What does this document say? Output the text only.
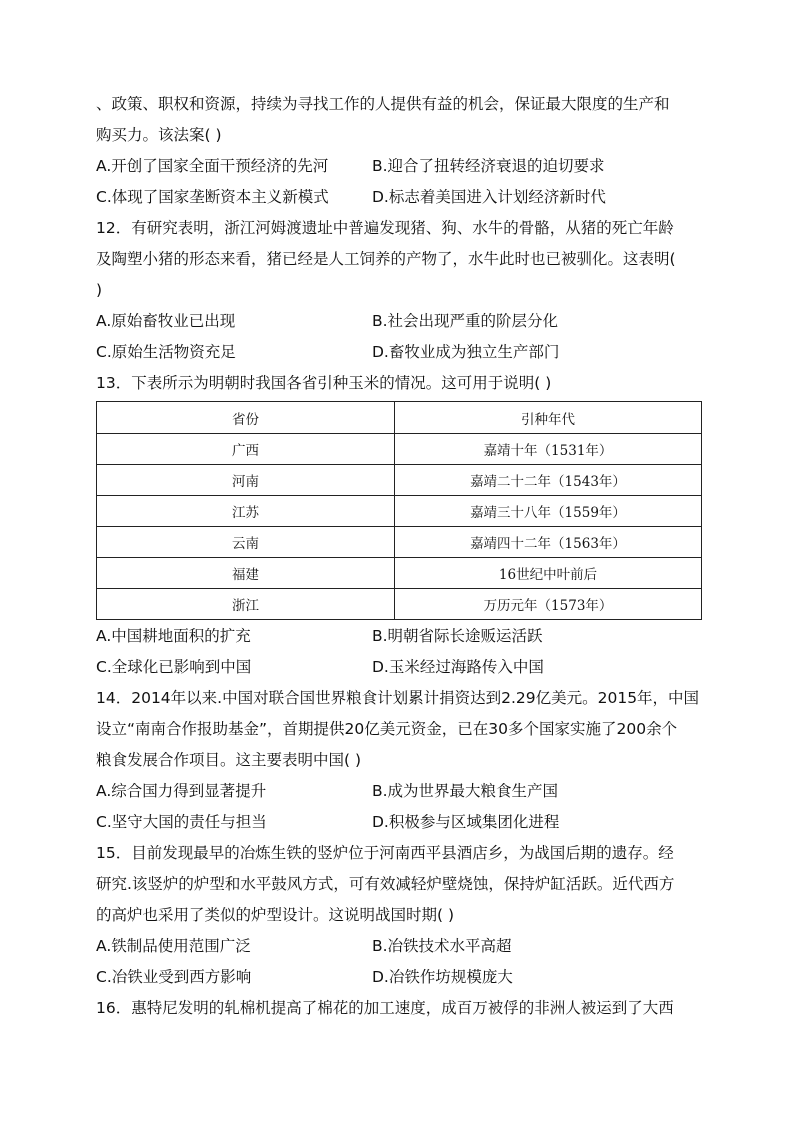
、政策、职权和资源，持续为寻找工作的人提供有益的机会，保证最大限度的生产和
购买力。该法案( )
A.开创了国家全面干预经济的先河	B.迎合了扭转经济衰退的迫切要求
C.体现了国家垄断资本主义新模式	D.标志着美国进入计划经济新时代
12．有研究表明，浙江河姆渡遗址中普遍发现猪、狗、水牛的骨骼，从猪的死亡年龄
及陶塑小猪的形态来看，猪已经是人工饲养的产物了，水牛此时也已被驯化。这表明(
)
A.原始畜牧业已出现	B.社会出现严重的阶层分化
C.原始生活物资充足	D.畜牧业成为独立生产部门
13．下表所示为明朝时我国各省引种玉米的情况。这可用于说明( )
省份	引种年代
广西	嘉靖十年（1531年）
河南	嘉靖二十二年（1543年）
江苏	嘉靖三十八年（1559年）
云南	嘉靖四十二年（1563年）
福建	16世纪中叶前后
浙江	万历元年（1573年）
A.中国耕地面积的扩充	B.明朝省际长途贩运活跃
C.全球化已影响到中国	D.玉米经过海路传入中国
14．2014年以来.中国对联合国世界粮食计划累计捐资达到2.29亿美元。2015年，中国
设立“南南合作报助基金”，首期提供20亿美元资金，已在30多个国家实施了200余个
粮食发展合作项目。这主要表明中国( )
A.综合国力得到显著提升	B.成为世界最大粮食生产国
C.坚守大国的责任与担当	D.积极参与区域集团化进程
15．目前发现最早的冶炼生铁的竖炉位于河南西平县酒店乡，为战国后期的遗存。经
研究.该竖炉的炉型和水平鼓风方式，可有效减轻炉壁烧蚀，保持炉缸活跃。近代西方
的高炉也采用了类似的炉型设计。这说明战国时期( )
A.铁制品使用范围广泛	B.冶铁技术水平高超
C.冶铁业受到西方影响	D.冶铁作坊规模庞大
16．惠特尼发明的轧棉机提高了棉花的加工速度，成百万被俘的非洲人被运到了大西
